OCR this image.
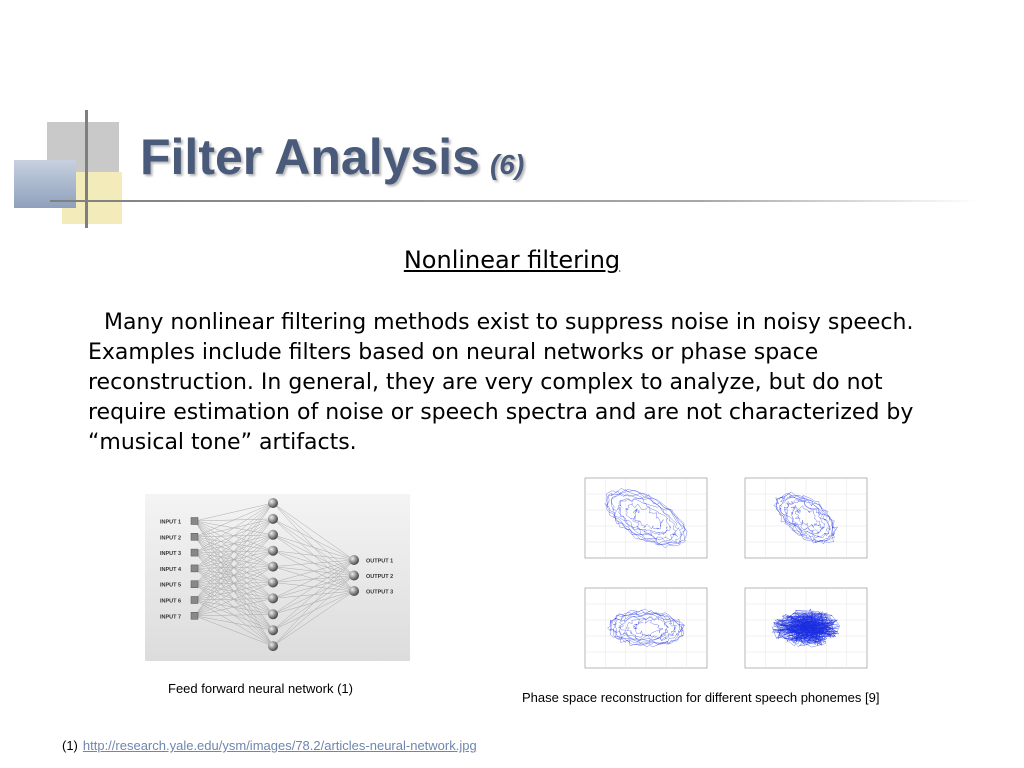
Filter Analysis (6)
Nonlinear filtering
Many nonlinear filtering methods exist to suppress noise in noisy speech. Examples include filters based on neural networks or phase space reconstruction. In general, they are very complex to analyze, but do not require estimation of noise or speech spectra and are not characterized by “musical tone” artifacts.
INPUT 1
INPUT 2
INPUT 3
INPUT 4
INPUT 5
INPUT 6
INPUT 7
OUTPUT 1
OUTPUT 2
OUTPUT 3
Feed forward neural network (1)
Phase space reconstruction for different speech phonemes [9]
(1) http://research.yale.edu/ysm/images/78.2/articles-neural-network.jpg
